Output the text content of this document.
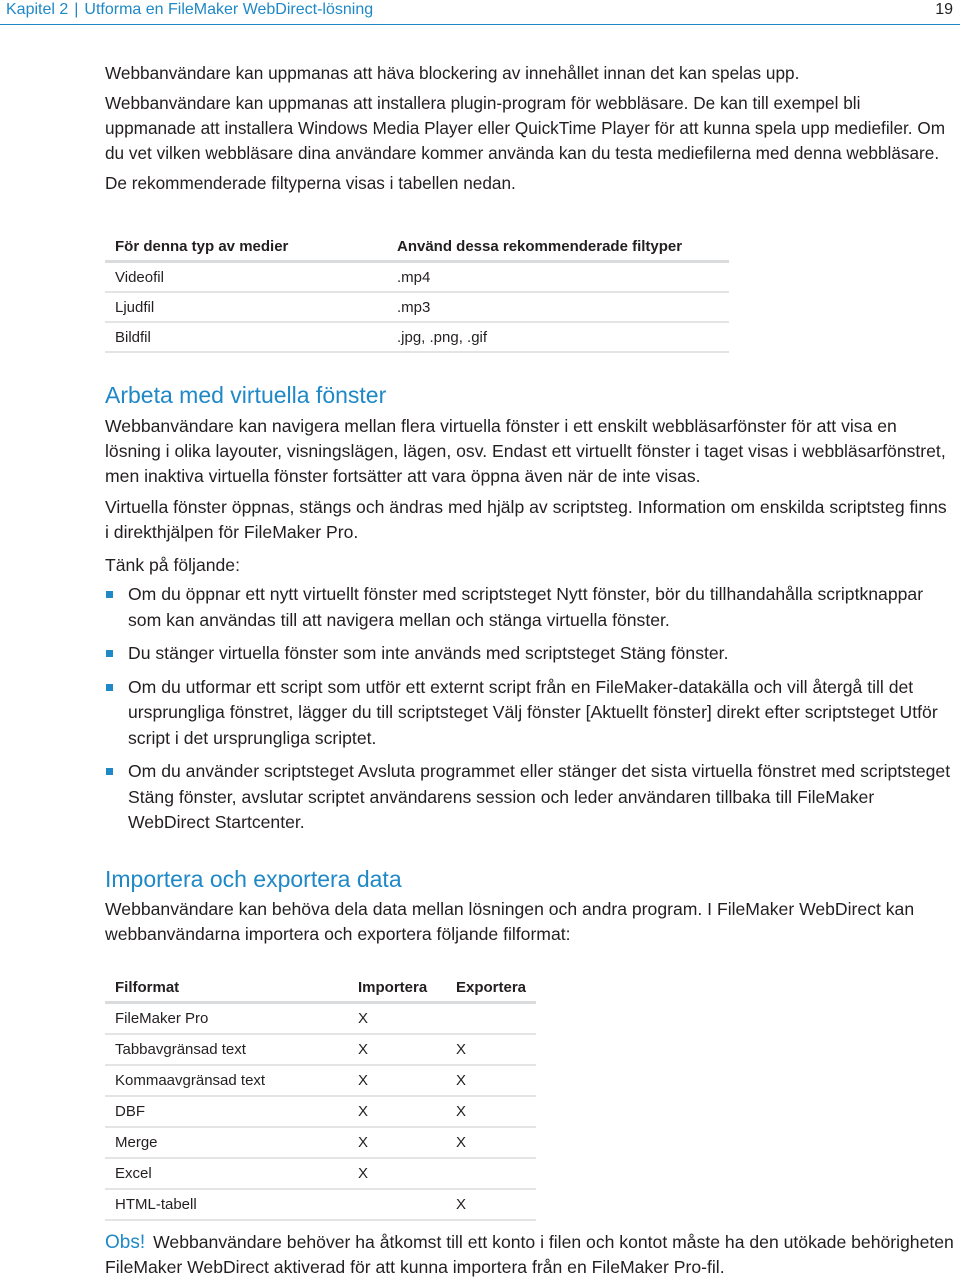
Kapitel 2 | Utforma en FileMaker WebDirect-lösning	19

Webbanvändare kan uppmanas att häva blockering av innehållet innan det kan spelas upp.

Webbanvändare kan uppmanas att installera plugin-program för webbläsare. De kan till exempel bli uppmanade att installera Windows Media Player eller QuickTime Player för att kunna spela upp mediefiler. Om du vet vilken webbläsare dina användare kommer använda kan du testa mediefilerna med denna webbläsare.

De rekommenderade filtyperna visas i tabellen nedan.

För denna typ av medier	Använd dessa rekommenderade filtyper
Videofil	.mp4
Ljudfil	.mp3
Bildfil	.jpg, .png, .gif
Arbeta med virtuella fönster

Webbanvändare kan navigera mellan flera virtuella fönster i ett enskilt webbläsarfönster för att visa en lösning i olika layouter, visningslägen, lägen, osv. Endast ett virtuellt fönster i taget visas i webbläsarfönstret, men inaktiva virtuella fönster fortsätter att vara öppna även när de inte visas.

Virtuella fönster öppnas, stängs och ändras med hjälp av scriptsteg. Information om enskilda scriptsteg finns i direkthjälpen för FileMaker Pro.

Tänk på följande:

Om du öppnar ett nytt virtuellt fönster med scriptsteget Nytt fönster, bör du tillhandahålla scriptknappar som kan användas till att navigera mellan och stänga virtuella fönster.
Du stänger virtuella fönster som inte används med scriptsteget Stäng fönster.
Om du utformar ett script som utför ett externt script från en FileMaker-datakälla och vill återgå till det ursprungliga fönstret, lägger du till scriptsteget Välj fönster [Aktuellt fönster] direkt efter scriptsteget Utför script i det ursprungliga scriptet.
Om du använder scriptsteget Avsluta programmet eller stänger det sista virtuella fönstret med scriptsteget Stäng fönster, avslutar scriptet användarens session och leder användaren tillbaka till FileMaker WebDirect Startcenter.
Importera och exportera data

Webbanvändare kan behöva dela data mellan lösningen och andra program. I FileMaker WebDirect kan webbanvändarna importera och exportera följande filformat:

Filformat	Importera	Exportera
FileMaker Pro	X	
Tabbavgränsad text	X	X
Kommaavgränsad text	X	X
DBF	X	X
Merge	X	X
Excel	X	
HTML-tabell		X
Obs! Webbanvändare behöver ha åtkomst till ett konto i filen och kontot måste ha den utökade behörigheten FileMaker WebDirect aktiverad för att kunna importera från en FileMaker Pro-fil.
